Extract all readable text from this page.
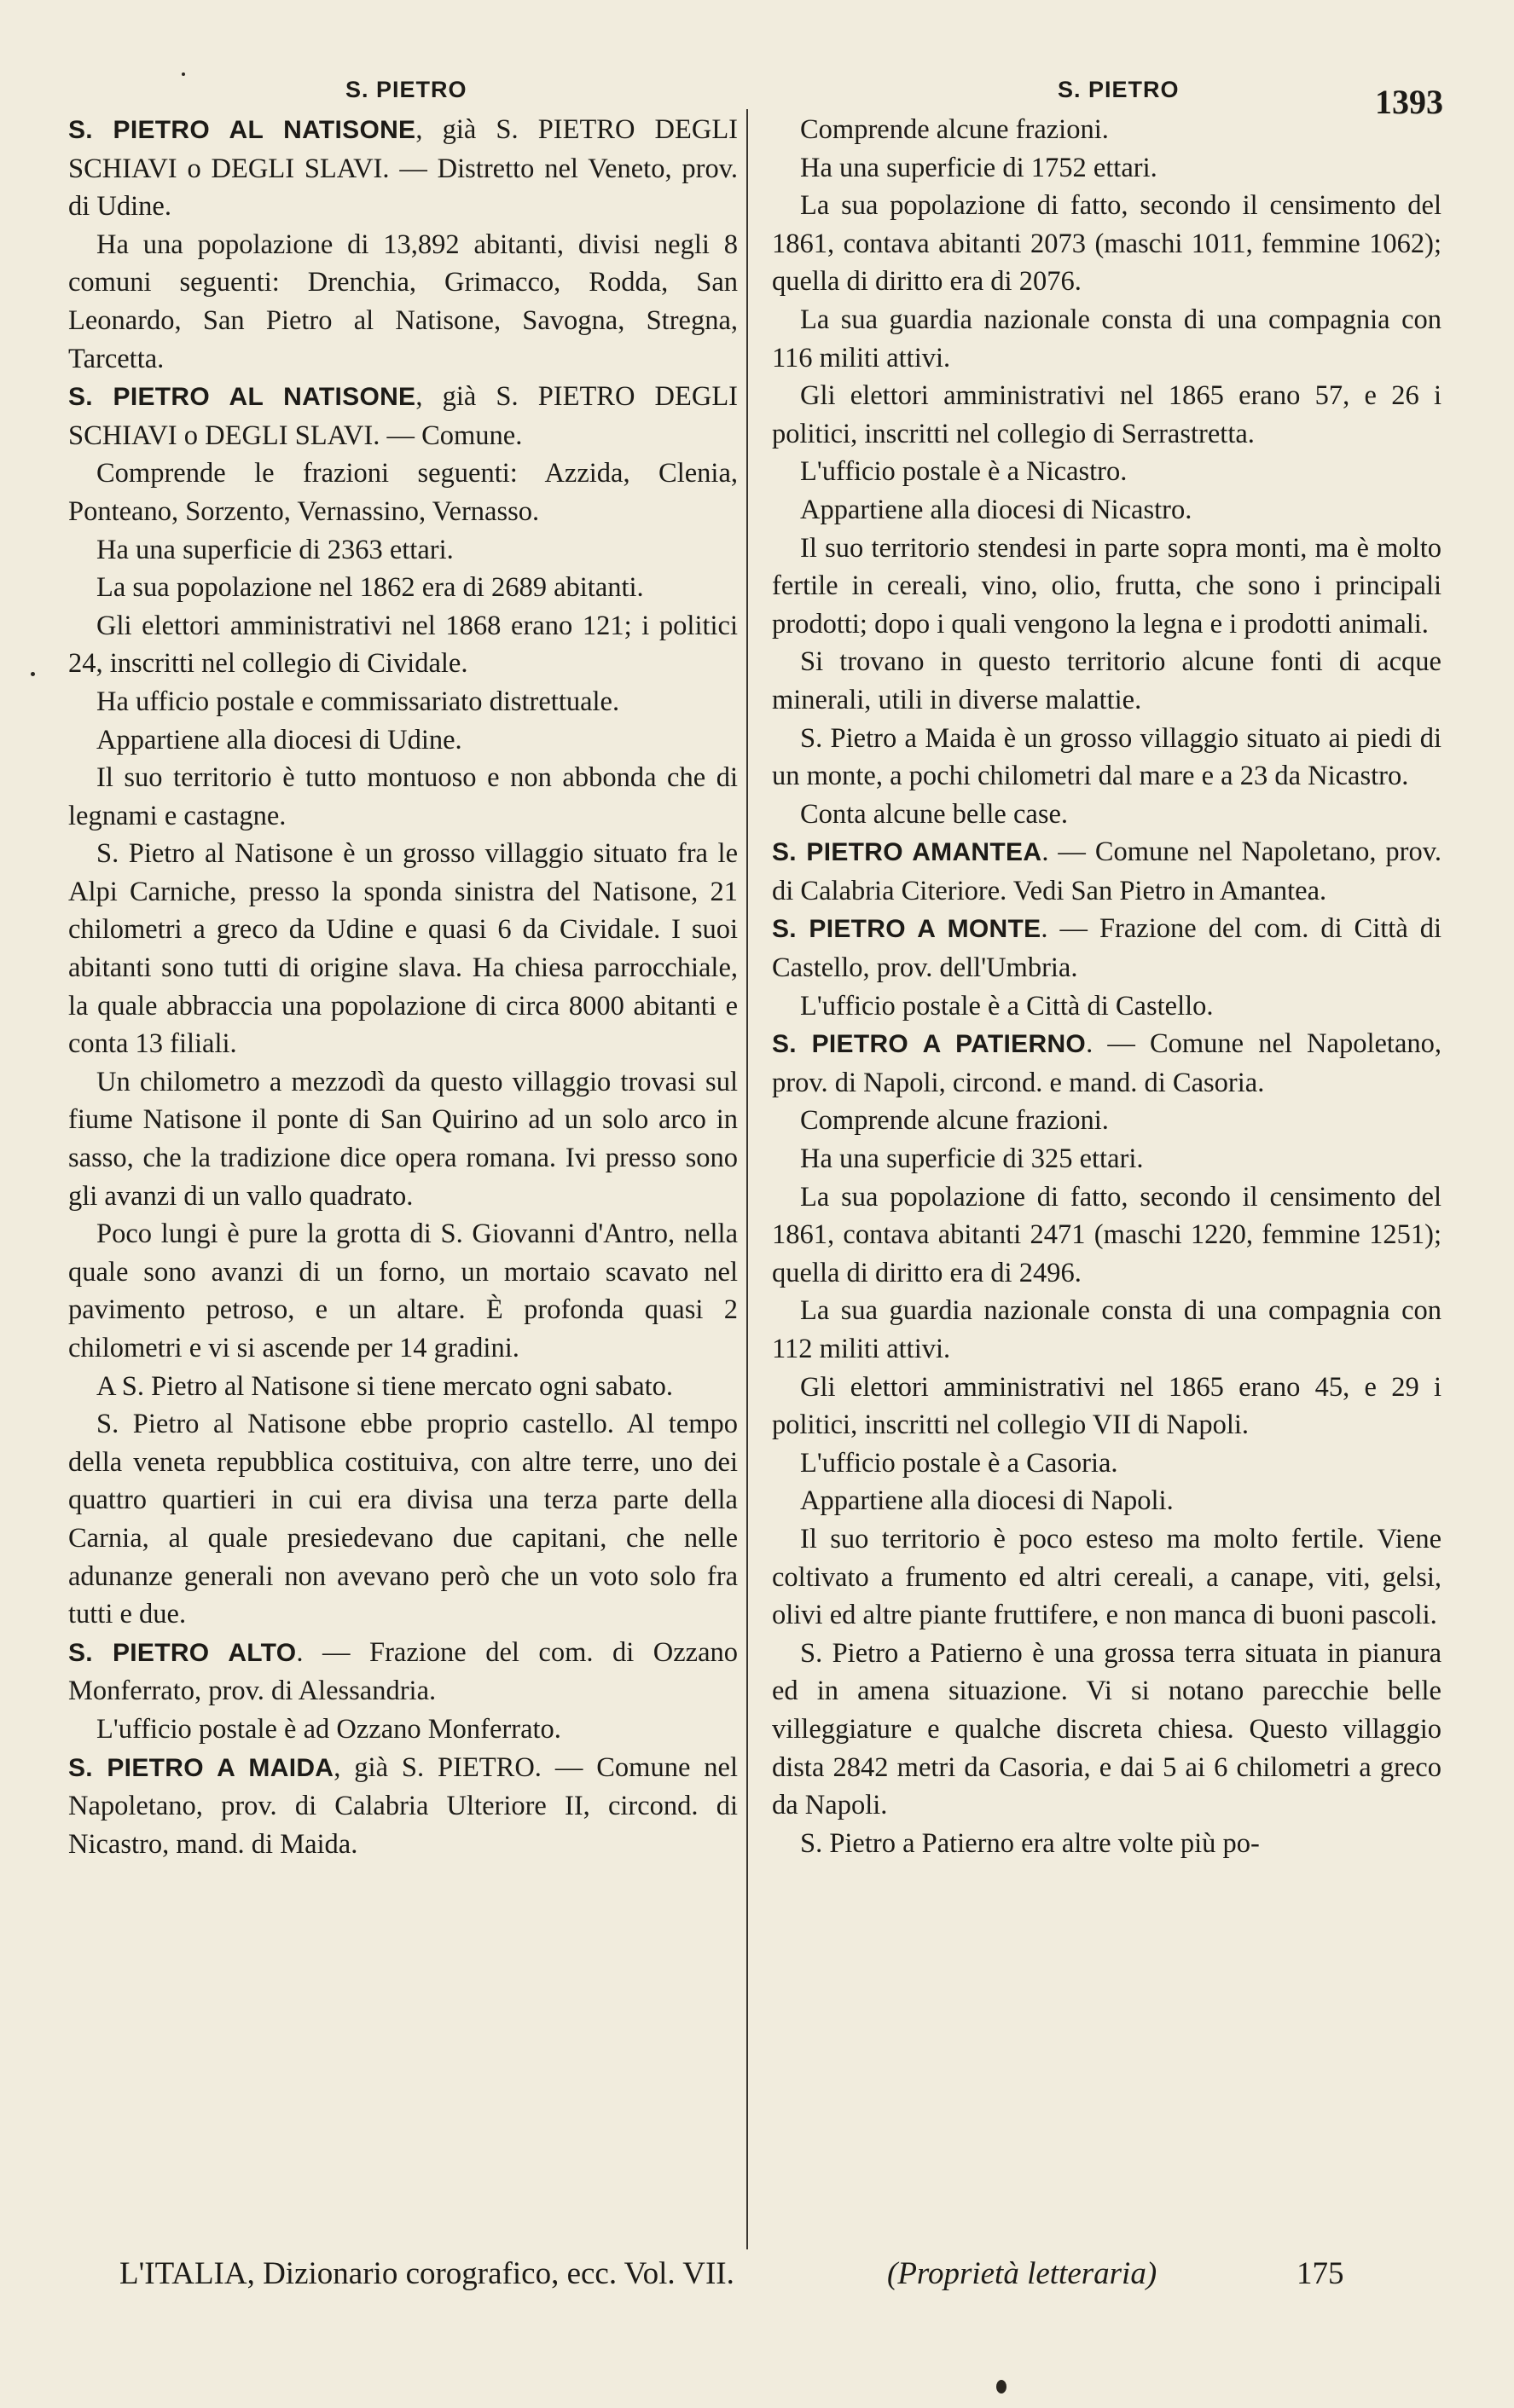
S. PIETRO	S. PIETRO	1393

S. PIETRO AL NATISONE, già S. PIETRO DEGLI SCHIAVI o DEGLI SLAVI. — Distretto nel Veneto, prov. di Udine.

Ha una popolazione di 13,892 abitanti, divisi negli 8 comuni seguenti: Drenchia, Grimacco, Rodda, San Leonardo, San Pietro al Natisone, Savogna, Stregna, Tarcetta.

S. PIETRO AL NATISONE, già S. PIETRO DEGLI SCHIAVI o DEGLI SLAVI. — Comune.

Comprende le frazioni seguenti: Azzida, Clenia, Ponteano, Sorzento, Vernassino, Vernasso.

Ha una superficie di 2363 ettari.

La sua popolazione nel 1862 era di 2689 abitanti.

Gli elettori amministrativi nel 1868 erano 121; i politici 24, inscritti nel collegio di Cividale.

Ha ufficio postale e commissariato distrettuale.

Appartiene alla diocesi di Udine.

Il suo territorio è tutto montuoso e non abbonda che di legnami e castagne.

S. Pietro al Natisone è un grosso villaggio situato fra le Alpi Carniche, presso la sponda sinistra del Natisone, 21 chilometri a greco da Udine e quasi 6 da Cividale. I suoi abitanti sono tutti di origine slava. Ha chiesa parrocchiale, la quale abbraccia una popolazione di circa 8000 abitanti e conta 13 filiali.

Un chilometro a mezzodì da questo villaggio trovasi sul fiume Natisone il ponte di San Quirino ad un solo arco in sasso, che la tradizione dice opera romana. Ivi presso sono gli avanzi di un vallo quadrato.

Poco lungi è pure la grotta di S. Giovanni d'Antro, nella quale sono avanzi di un forno, un mortaio scavato nel pavimento petroso, e un altare. È profonda quasi 2 chilometri e vi si ascende per 14 gradini.

A S. Pietro al Natisone si tiene mercato ogni sabato.

S. Pietro al Natisone ebbe proprio castello. Al tempo della veneta repubblica costituiva, con altre terre, uno dei quattro quartieri in cui era divisa una terza parte della Carnia, al quale presiedevano due capitani, che nelle adunanze generali non avevano però che un voto solo fra tutti e due.

S. PIETRO ALTO. — Frazione del com. di Ozzano Monferrato, prov. di Alessandria.

L'ufficio postale è ad Ozzano Monferrato.

S. PIETRO A MAIDA, già S. PIETRO. — Comune nel Napoletano, prov. di Calabria Ulteriore II, circond. di Nicastro, mand. di Maida.

Comprende alcune frazioni.

Ha una superficie di 1752 ettari.

La sua popolazione di fatto, secondo il censimento del 1861, contava abitanti 2073 (maschi 1011, femmine 1062); quella di diritto era di 2076.

La sua guardia nazionale consta di una compagnia con 116 militi attivi.

Gli elettori amministrativi nel 1865 erano 57, e 26 i politici, inscritti nel collegio di Serrastretta.

L'ufficio postale è a Nicastro.

Appartiene alla diocesi di Nicastro.

Il suo territorio stendesi in parte sopra monti, ma è molto fertile in cereali, vino, olio, frutta, che sono i principali prodotti; dopo i quali vengono la legna e i prodotti animali.

Si trovano in questo territorio alcune fonti di acque minerali, utili in diverse malattie.

S. Pietro a Maida è un grosso villaggio situato ai piedi di un monte, a pochi chilometri dal mare e a 23 da Nicastro.

Conta alcune belle case.

S. PIETRO AMANTEA. — Comune nel Napoletano, prov. di Calabria Citeriore. Vedi San Pietro in Amantea.

S. PIETRO A MONTE. — Frazione del com. di Città di Castello, prov. dell'Umbria.

L'ufficio postale è a Città di Castello.

S. PIETRO A PATIERNO. — Comune nel Napoletano, prov. di Napoli, circond. e mand. di Casoria.

Comprende alcune frazioni.

Ha una superficie di 325 ettari.

La sua popolazione di fatto, secondo il censimento del 1861, contava abitanti 2471 (maschi 1220, femmine 1251); quella di diritto era di 2496.

La sua guardia nazionale consta di una compagnia con 112 militi attivi.

Gli elettori amministrativi nel 1865 erano 45, e 29 i politici, inscritti nel collegio VII di Napoli.

L'ufficio postale è a Casoria.

Appartiene alla diocesi di Napoli.

Il suo territorio è poco esteso ma molto fertile. Viene coltivato a frumento ed altri cereali, a canape, viti, gelsi, olivi ed altre piante fruttifere, e non manca di buoni pascoli.

S. Pietro a Patierno è una grossa terra situata in pianura ed in amena situazione. Vi si notano parecchie belle villeggiature e qualche discreta chiesa. Questo villaggio dista 2842 metri da Casoria, e dai 5 ai 6 chilometri a greco da Napoli.

S. Pietro a Patierno era altre volte più po-

L'ITALIA, Dizionario corografico, ecc. Vol. VII.	(Proprietà letteraria)	175
